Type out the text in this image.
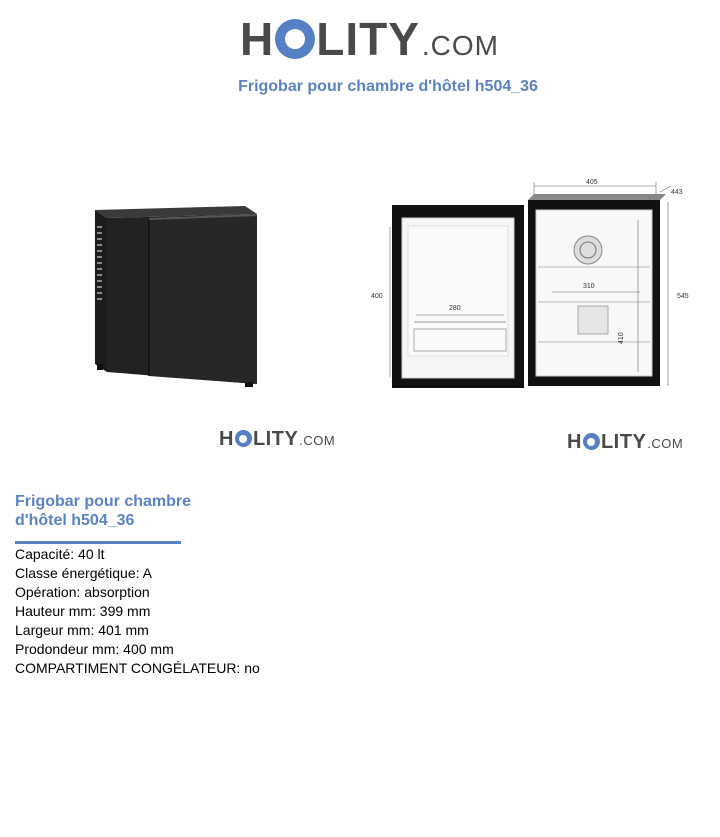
H LITY .COM
Frigobar pour chambre d'hôtel h504_36
H LITY .COM
405
443
545
400
280
310
410
H LITY .COM
Frigobar pour chambre
d'hôtel h504_36
Capacité: 40 lt
Classe énergétique: A
Opération: absorption
Hauteur mm: 399 mm
Largeur mm: 401 mm
Prodondeur mm: 400 mm
COMPARTIMENT CONGÉLATEUR: no
